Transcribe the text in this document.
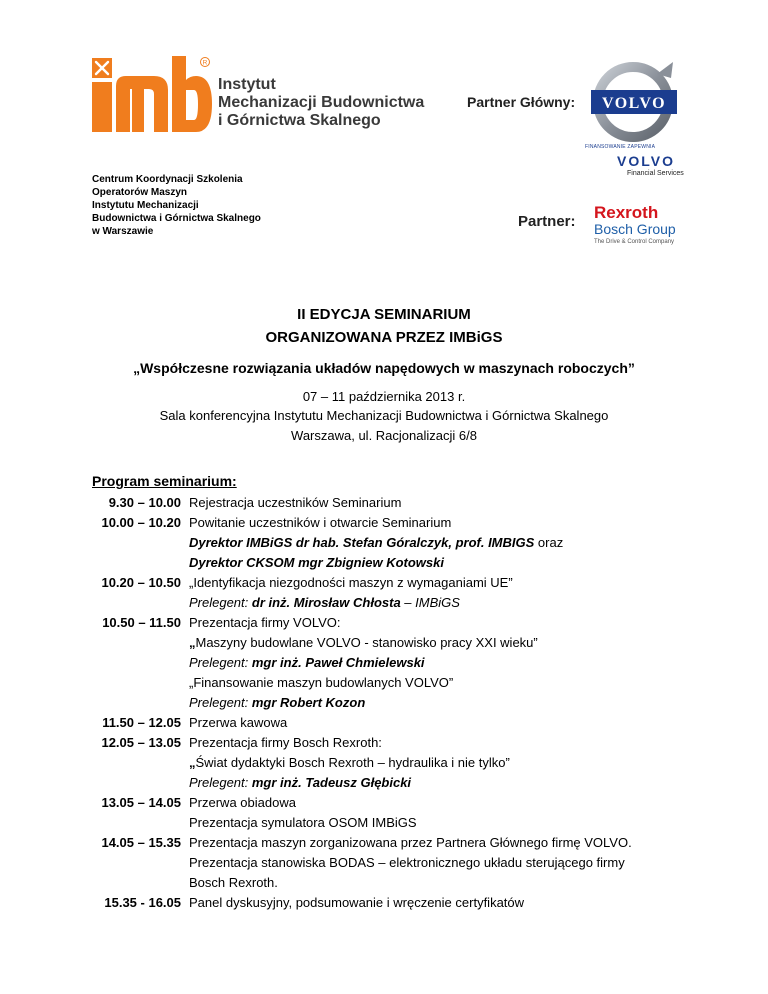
R
Instytut
Mechanizacji Budownictwa
i Górnictwa Skalnego
Centrum Koordynacji Szkolenia
Operatorów Maszyn
Instytutu Mechanizacji
Budownictwa i Górnictwa Skalnego
w Warszawie
Partner Główny: VOLVO
FINANSOWANIE ZAPEWNIA
VOLVO
Financial Services
Partner: Rexroth
Bosch Group
The Drive & Control Company
II EDYCJA SEMINARIUM
ORGANIZOWANA PRZEZ IMBiGS
„Współczesne rozwiązania układów napędowych w maszynach roboczych”
07 – 11 października 2013 r.
Sala konferencyjna Instytutu Mechanizacji Budownictwa i Górnictwa Skalnego
Warszawa, ul. Racjonalizacji 6/8
Program seminarium:
9.30 – 10.00 Rejestracja uczestników Seminarium
10.00 – 10.20 Powitanie uczestników i otwarcie Seminarium
Dyrektor IMBiGS dr hab. Stefan Góralczyk, prof. IMBIGS oraz
Dyrektor CKSOM mgr Zbigniew Kotowski
10.20 – 10.50 „Identyfikacja niezgodności maszyn z wymaganiami UE”
Prelegent: dr inż. Mirosław Chłosta – IMBiGS
10.50 – 11.50 Prezentacja firmy VOLVO:
„Maszyny budowlane VOLVO - stanowisko pracy XXI wieku”
Prelegent: mgr inż. Paweł Chmielewski
„Finansowanie maszyn budowlanych VOLVO”
Prelegent: mgr Robert Kozon
11.50 – 12.05 Przerwa kawowa
12.05 – 13.05 Prezentacja firmy Bosch Rexroth:
„Świat dydaktyki Bosch Rexroth – hydraulika i nie tylko”
Prelegent: mgr inż. Tadeusz Głębicki
13.05 – 14.05 Przerwa obiadowa
Prezentacja symulatora OSOM IMBiGS
14.05 – 15.35 Prezentacja maszyn zorganizowana przez Partnera Głównego firmę VOLVO.
Prezentacja stanowiska BODAS – elektronicznego układu sterującego firmy
Bosch Rexroth.
15.35 - 16.05 Panel dyskusyjny, podsumowanie i wręczenie certyfikatów
